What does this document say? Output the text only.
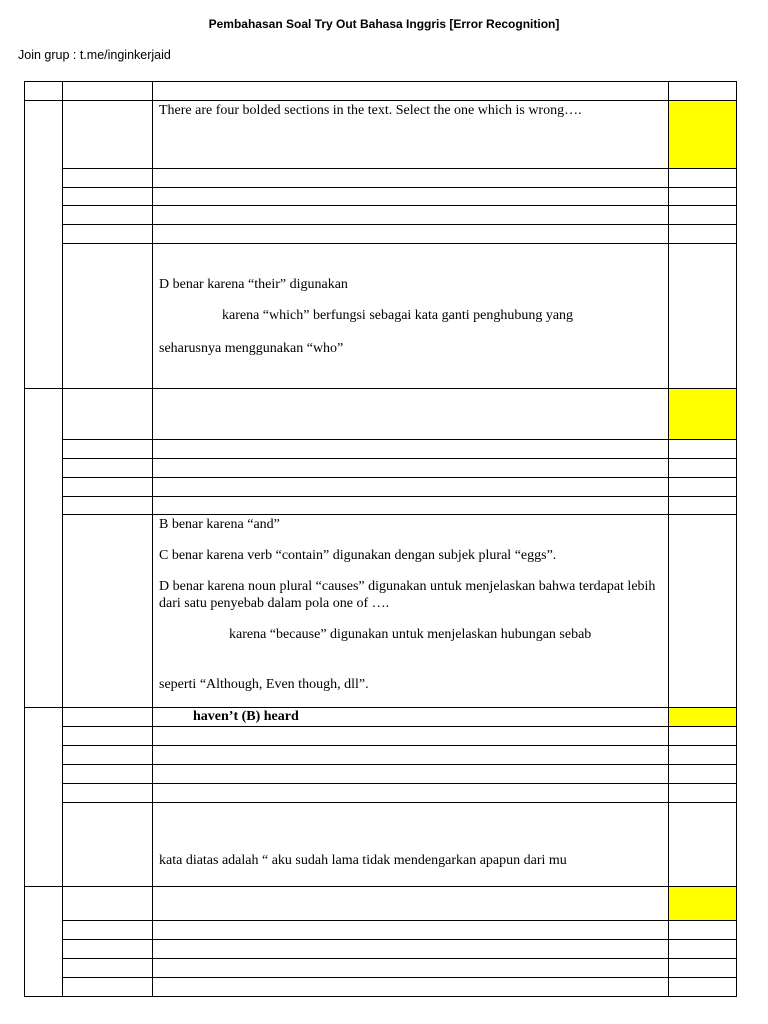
Pembahasan Soal Try Out Bahasa Inggris [Error Recognition]
Join grup : t.me/inginkerjaid

		There are four bolded sections in the text. Select the one which is wrong….	

		D benar karena “their” digunakan
karena “which” berfungsi sebagai kata ganti penghubung yang
seharusnya menggunakan “who”	

		B benar karena “and”
C benar karena verb “contain” digunakan dengan subjek plural “eggs”.
D benar karena noun plural “causes” digunakan untuk menjelaskan bahwa terdapat lebih dari satu penyebab dalam pola one of ….
karena “because” digunakan untuk menjelaskan hubungan sebab
seperti “Although, Even though, dll”.	

		haven’t (B) heard	

		kata diatas adalah “ aku sudah lama tidak mendengarkan apapun dari mu	
